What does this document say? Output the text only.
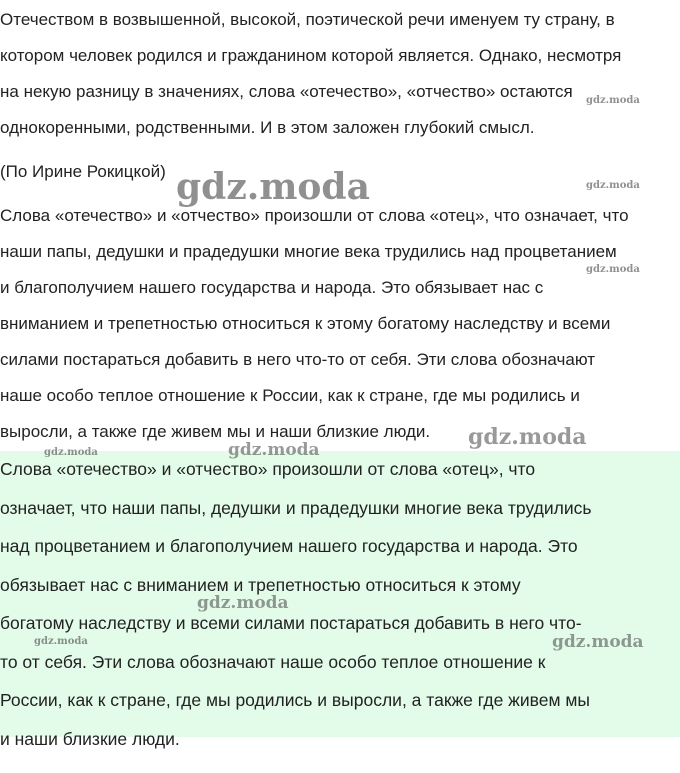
Отечеством в возвышенной, высокой, поэтической речи именуем ту страну, в
котором человек родился и гражданином которой является. Однако, несмотря
на некую разницу в значениях, слова «отечество», «отчество» остаются
однокоренными, родственными. И в этом заложен глубокий смысл.
(По Ирине Рокицкой)
Слова «отечество» и «отчество» произошли от слова «отец», что означает, что
наши папы, дедушки и прадедушки многие века трудились над процветанием
и благополучием нашего государства и народа. Это обязывает нас с
вниманием и трепетностью относиться к этому богатому наследству и всеми
силами постараться добавить в него что-то от себя. Эти слова обозначают
наше особо теплое отношение к России, как к стране, где мы родились и
выросли, а также где живем мы и наши близкие люди.
Слова «отечество» и «отчество» произошли от слова «отец», что
означает, что наши папы, дедушки и прадедушки многие века трудились
над процветанием и благополучием нашего государства и народа. Это
обязывает нас с вниманием и трепетностью относиться к этому
богатому наследству и всеми силами постараться добавить в него что-
то от себя. Эти слова обозначают наше особо теплое отношение к
России, как к стране, где мы родились и выросли, а также где живем мы
и наши близкие люди.
gdz.moda
gdz.moda	gdz.moda
gdz.moda
gdz.moda
gdz.moda
gdz.moda
gdz.moda
gdz.moda	gdz.moda
